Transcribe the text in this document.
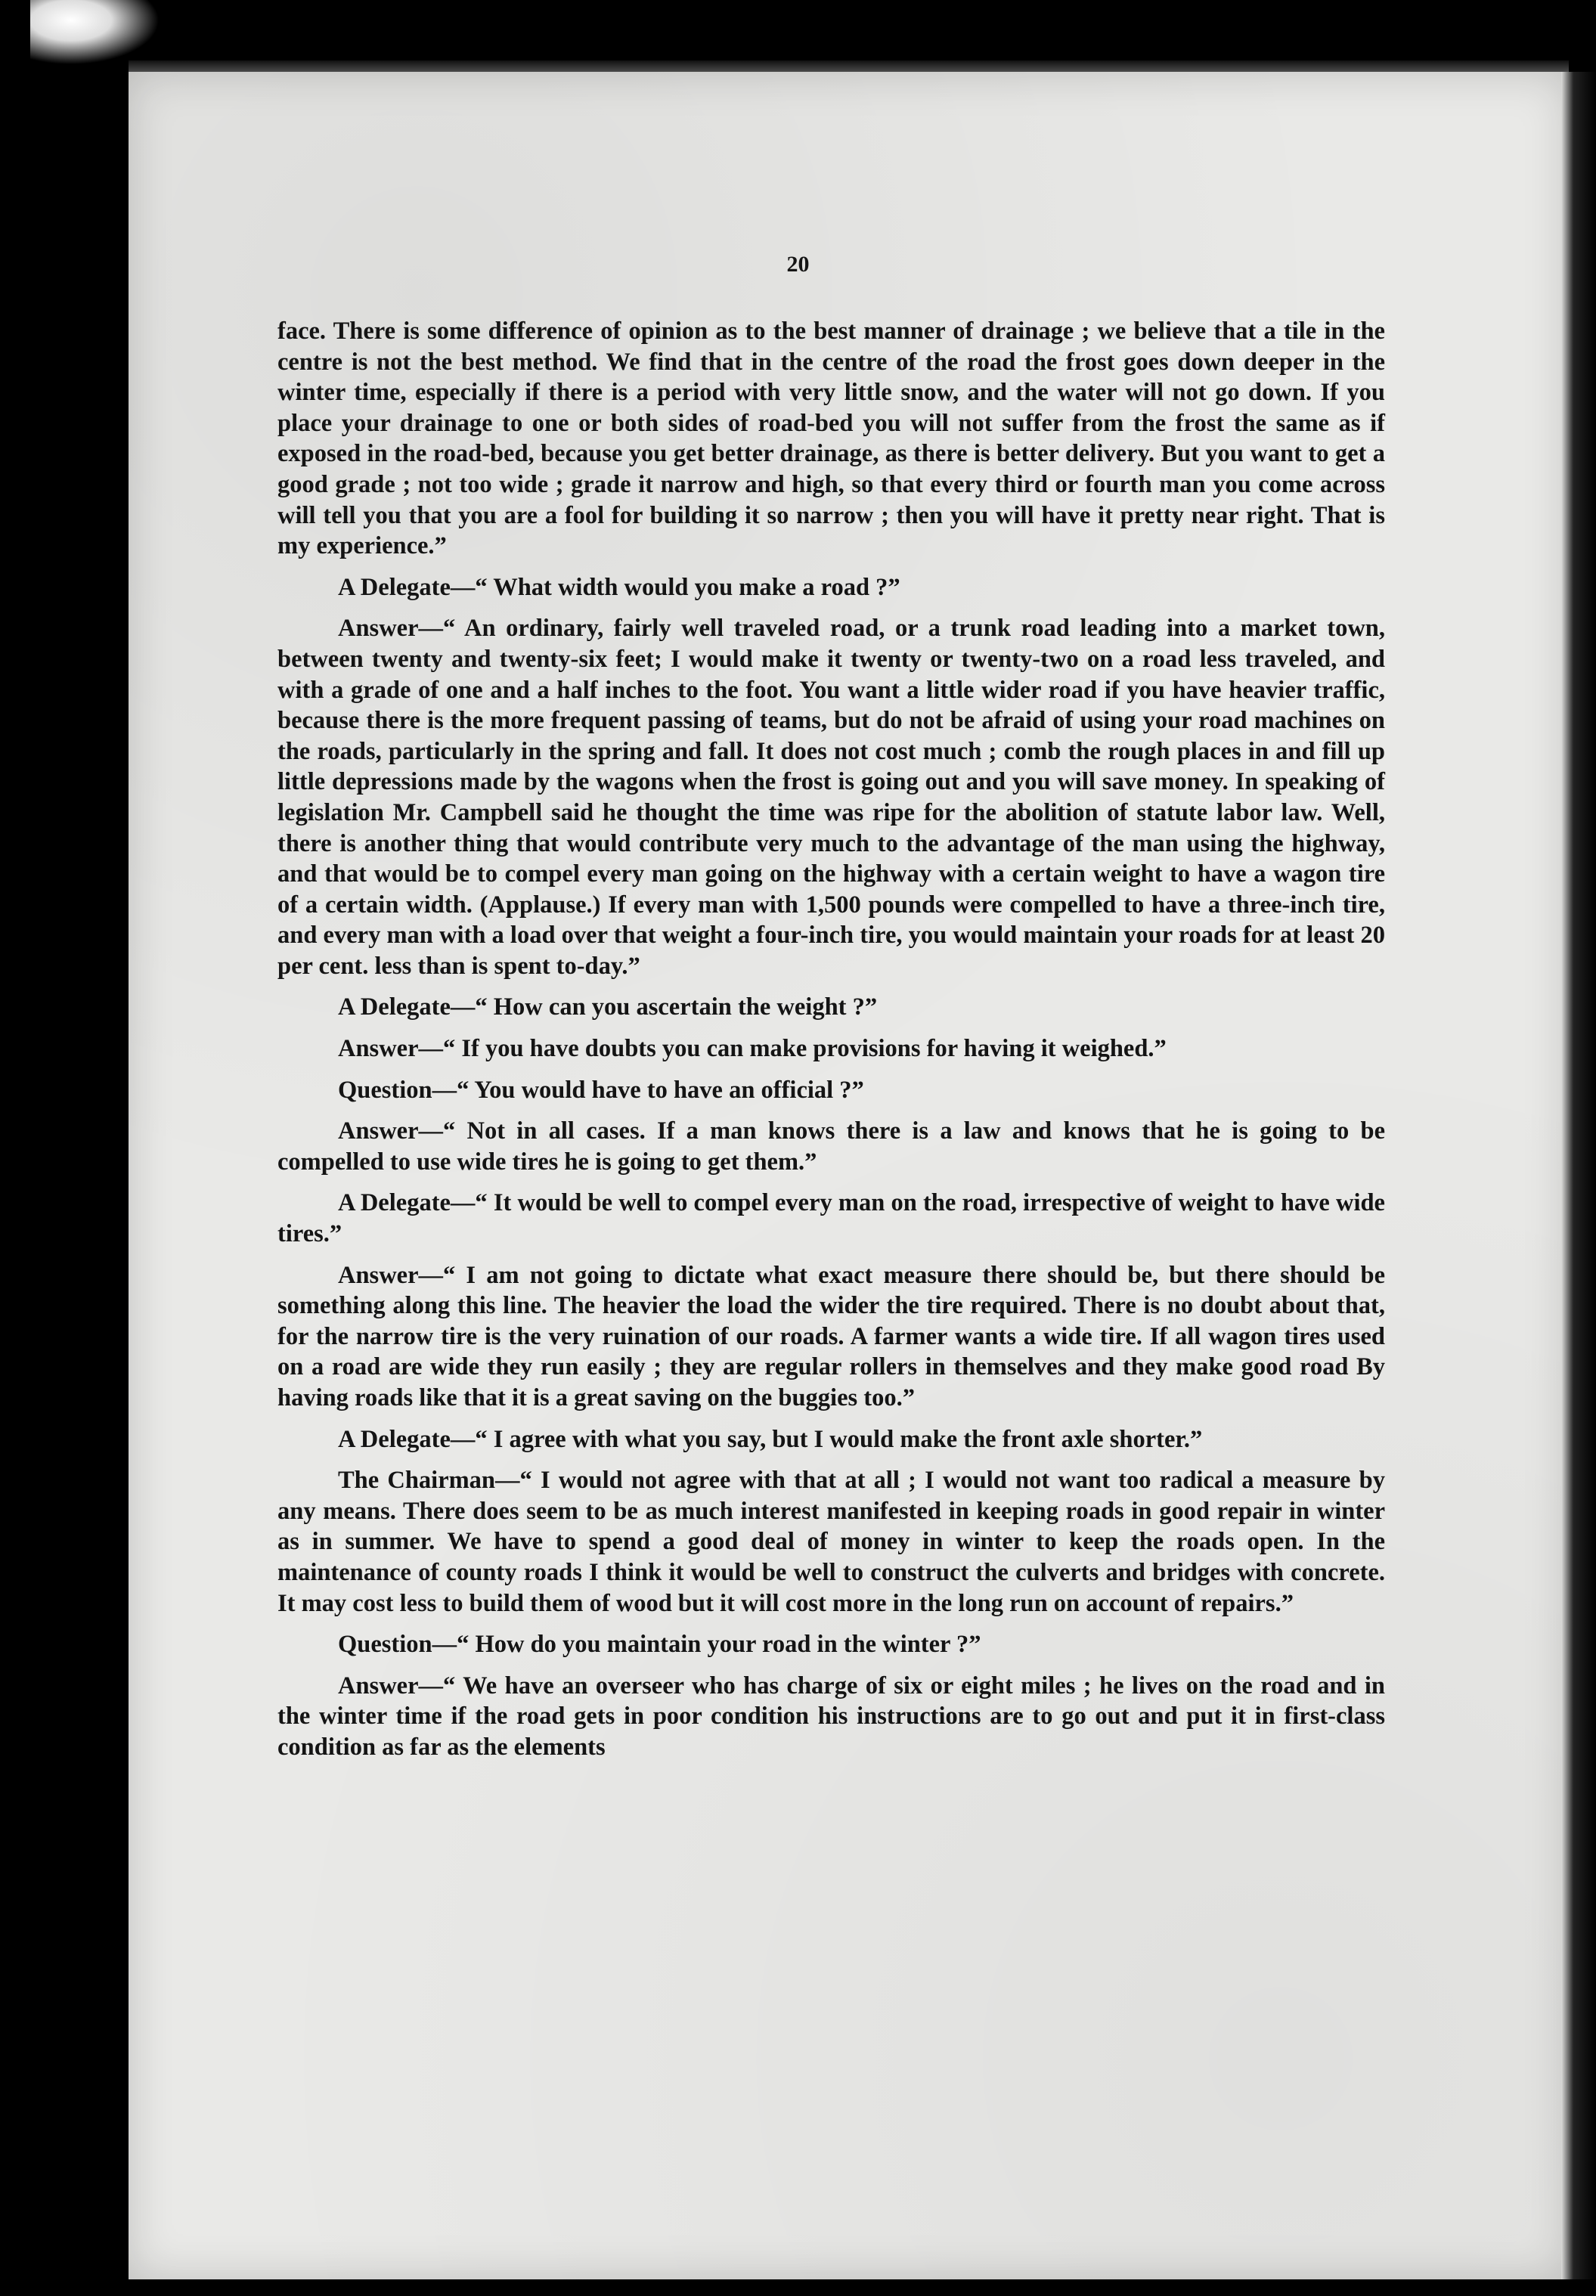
20

face. There is some difference of opinion as to the best manner of drainage ; we believe that a tile in the centre is not the best method. We find that in the centre of the road the frost goes down deeper in the winter time, especially if there is a period with very little snow, and the water will not go down. If you place your drainage to one or both sides of road-bed you will not suffer from the frost the same as if exposed in the road-bed, because you get better drainage, as there is better delivery. But you want to get a good grade ; not too wide ; grade it narrow and high, so that every third or fourth man you come across will tell you that you are a fool for building it so narrow ; then you will have it pretty near right. That is my experience.”

A Delegate—“ What width would you make a road ?”

Answer—“ An ordinary, fairly well traveled road, or a trunk road leading into a market town, between twenty and twenty-six feet; I would make it twenty or twenty-two on a road less traveled, and with a grade of one and a half inches to the foot. You want a little wider road if you have heavier traffic, because there is the more frequent passing of teams, but do not be afraid of using your road machines on the roads, particularly in the spring and fall. It does not cost much ; comb the rough places in and fill up little depressions made by the wagons when the frost is going out and you will save money. In speaking of legislation Mr. Campbell said he thought the time was ripe for the abolition of statute labor law. Well, there is another thing that would contribute very much to the advantage of the man using the highway, and that would be to compel every man going on the highway with a certain weight to have a wagon tire of a certain width. (Applause.) If every man with 1,500 pounds were compelled to have a three-inch tire, and every man with a load over that weight a four-inch tire, you would maintain your roads for at least 20 per cent. less than is spent to-day.”

A Delegate—“ How can you ascertain the weight ?”

Answer—“ If you have doubts you can make provisions for having it weighed.”

Question—“ You would have to have an official ?”

Answer—“ Not in all cases. If a man knows there is a law and knows that he is going to be compelled to use wide tires he is going to get them.”

A Delegate—“ It would be well to compel every man on the road, irrespective of weight to have wide tires.”

Answer—“ I am not going to dictate what exact measure there should be, but there should be something along this line. The heavier the load the wider the tire required. There is no doubt about that, for the narrow tire is the very ruination of our roads. A farmer wants a wide tire. If all wagon tires used on a road are wide they run easily ; they are regular rollers in themselves and they make good road By having roads like that it is a great saving on the buggies too.”

A Delegate—“ I agree with what you say, but I would make the front axle shorter.”

The Chairman—“ I would not agree with that at all ; I would not want too radical a measure by any means. There does seem to be as much interest manifested in keeping roads in good repair in winter as in summer. We have to spend a good deal of money in winter to keep the roads open. In the maintenance of county roads I think it would be well to construct the culverts and bridges with concrete. It may cost less to build them of wood but it will cost more in the long run on account of repairs.”

Question—“ How do you maintain your road in the winter ?”

Answer—“ We have an overseer who has charge of six or eight miles ; he lives on the road and in the winter time if the road gets in poor condition his instructions are to go out and put it in first-class condition as far as the elements
